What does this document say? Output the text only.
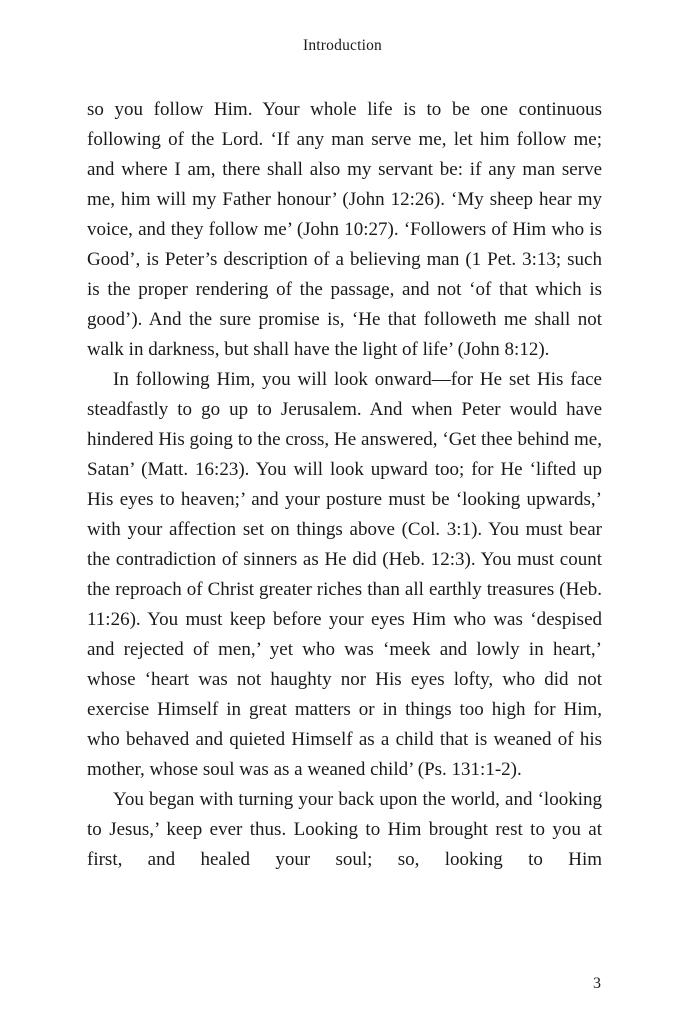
Introduction

so you follow Him. Your whole life is to be one continuous following of the Lord. ‘If any man serve me, let him follow me; and where I am, there shall also my servant be: if any man serve me, him will my Father honour’ (John 12:26). ‘My sheep hear my voice, and they follow me’ (John 10:27). ‘Followers of Him who is Good’, is Peter’s description of a believing man (1 Pet. 3:13; such is the proper rendering of the passage, and not ‘of that which is good’). And the sure promise is, ‘He that followeth me shall not walk in darkness, but shall have the light of life’ (John 8:12).

In following Him, you will look onward—for He set His face steadfastly to go up to Jerusalem. And when Peter would have hindered His going to the cross, He answered, ‘Get thee behind me, Satan’ (Matt. 16:23). You will look upward too; for He ‘lifted up His eyes to heaven;’ and your posture must be ‘looking upwards,’ with your affection set on things above (Col. 3:1). You must bear the contradiction of sinners as He did (Heb. 12:3). You must count the reproach of Christ greater riches than all earthly treasures (Heb. 11:26). You must keep before your eyes Him who was ‘despised and rejected of men,’ yet who was ‘meek and lowly in heart,’ whose ‘heart was not haughty nor His eyes lofty, who did not exercise Himself in great matters or in things too high for Him, who behaved and quieted Himself as a child that is weaned of his mother, whose soul was as a weaned child’ (Ps. 131:1-2).

You began with turning your back upon the world, and ‘looking to Jesus,’ keep ever thus. Looking to Him brought rest to you at first, and healed your soul; so, looking to Him

3
